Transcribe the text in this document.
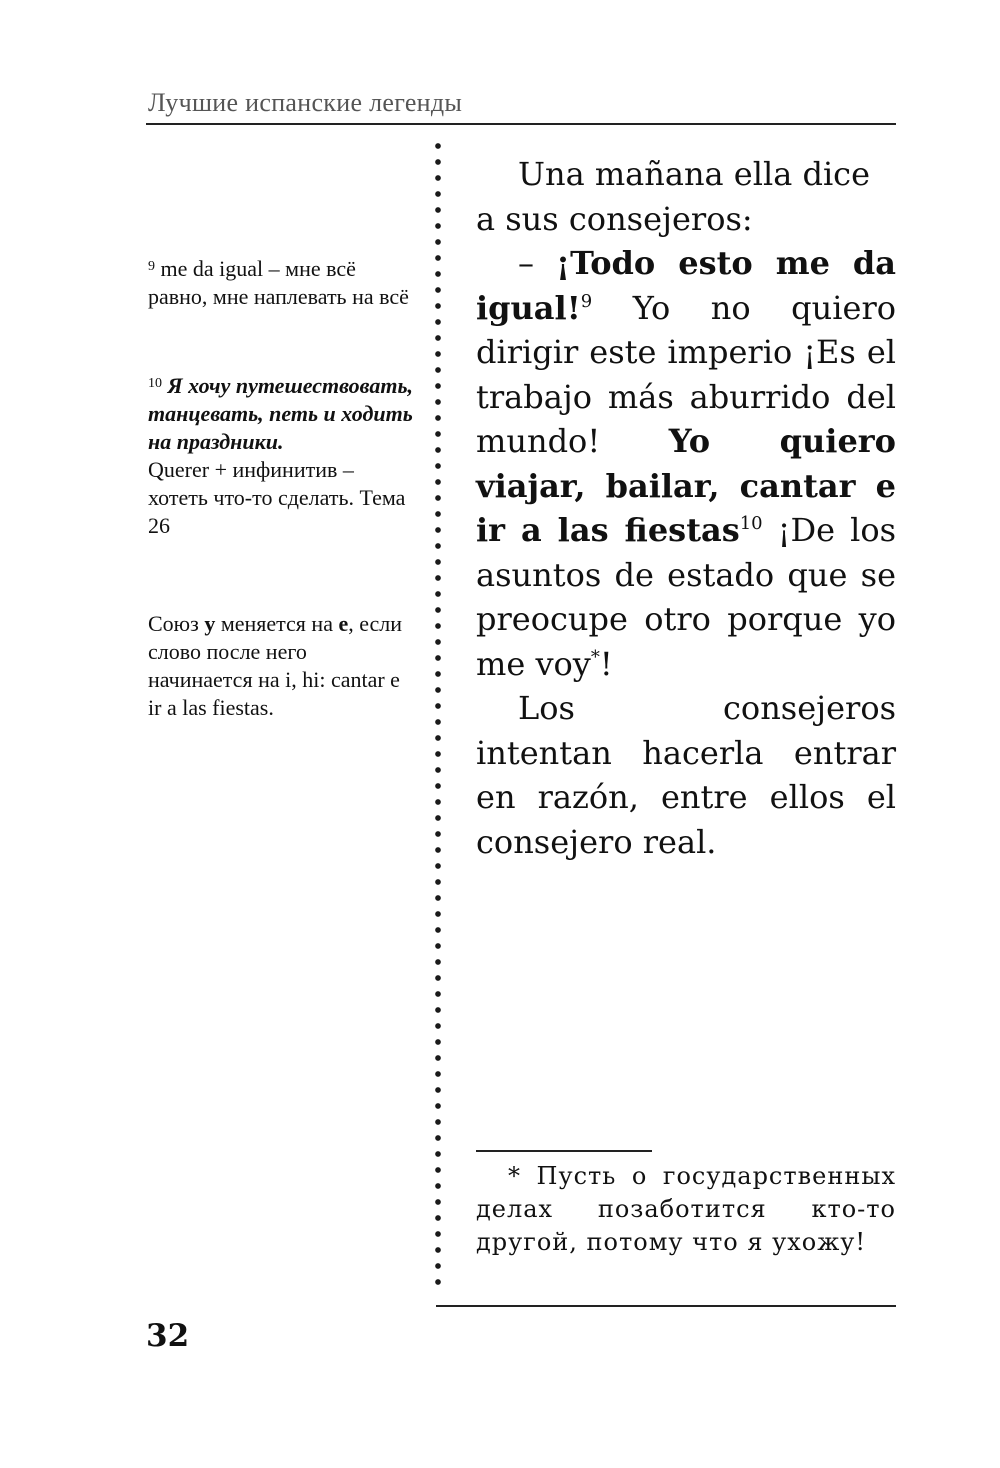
Лучшие испанские легенды
$^9$ me da igual – мне всё равно, мне наплевать на всё
$^{10}$ Я хочу путешествовать, танцевать, петь и ходить на праздники.
Querer + инфинитив – хотеть что-то сделать. Тема 26
Союз y меняется на e, если слово после него начинается на i, hi: cantar e ir a las fiestas.

Una mañana ella dice a sus consejeros:

– ¡Todo esto me da igual!$^9$ Yo no quiero dirigir este imperio ¡Es el trabajo más aburrido del mundo! Yo quiero viajar, bailar, cantar e ir a las fiestas$^{10}$ ¡De los asuntos de estado que se preocupe otro porque yo me voy*!

Los consejeros intentan hacerla entrar en razón, entre ellos el consejero real.

* Пусть о государственных делах позаботится кто-то другой, потому что я ухожу!
32
